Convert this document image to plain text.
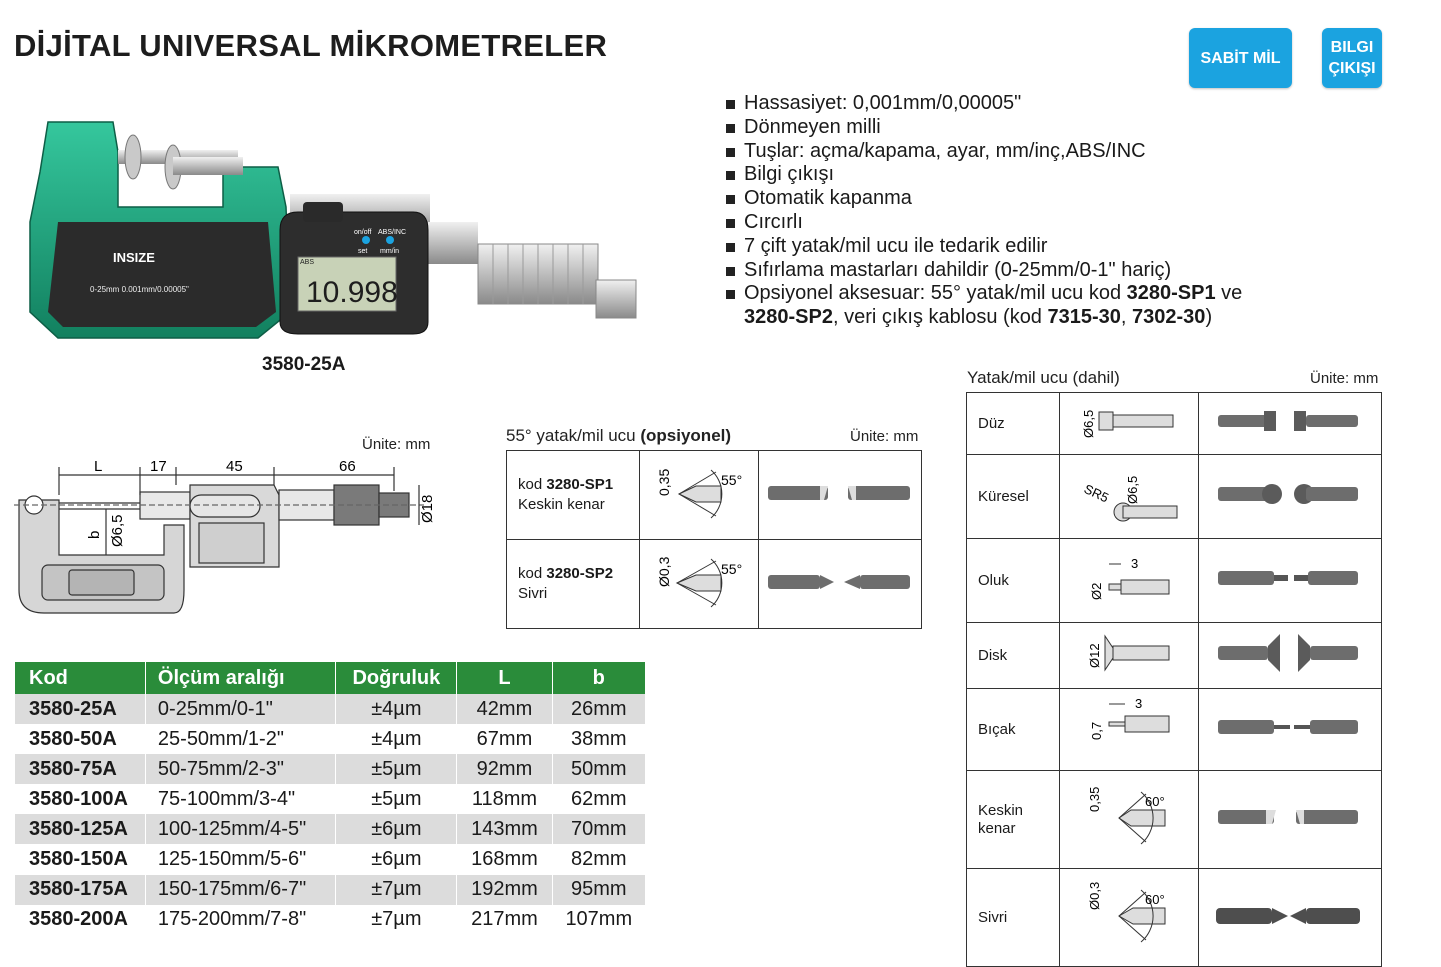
DİJİTAL UNIVERSAL MİKROMETRELER	SABİT MİL
BILGI
ÇIKIŞI
INSIZE
0-25mm 0.001mm/0.00005"
ABS
10.998
on/off
set
ABS/INC
mm/in
3580-25A
Hassasiyet: 0,001mm/0,00005"
Dönmeyen milli
Tuşlar: açma/kapama, ayar, mm/inç,ABS/INC
Bilgi çıkışı
Otomatik kapanma
Cırcırlı
7 çift yatak/mil ucu ile tedarik edilir
Sıfırlama mastarları dahildir (0-25mm/0-1" hariç)
Opsiyonel aksesuar: 55° yatak/mil ucu kod 3280-SP1 ve
3280-SP2, veri çıkış kablosu (kod 7315-30, 7302-30)
Ünite: mm
L	17	45	66
Ø18
b Ø6,5
55° yatak/mil ucu (opsiyonel)	Ünite: mm
kod 3280-SP1
Keskin kenar	0,35 55°

kod 3280-SP2
Sivri	Ø0,3 55°

Yatak/mil ucu (dahil)	Ünite: mm
Düz	Ø6,5

Küresel	SR5 Ø6,5

Oluk	3
Ø2

Disk	Ø12

Bıçak	3
0,7

Keskin
kenar	0,35 60°

Sivri	Ø0,3 60°

Kod	Ölçüm aralığı	Doğruluk	L	b
3580-25A	0-25mm/0-1"	±4µm	42mm	26mm
3580-50A	25-50mm/1-2"	±4µm	67mm	38mm
3580-75A	50-75mm/2-3"	±5µm	92mm	50mm
3580-100A	75-100mm/3-4"	±5µm	118mm	62mm
3580-125A	100-125mm/4-5"	±6µm	143mm	70mm
3580-150A	125-150mm/5-6"	±6µm	168mm	82mm
3580-175A	150-175mm/6-7"	±7µm	192mm	95mm
3580-200A	175-200mm/7-8"	±7µm	217mm	107mm
